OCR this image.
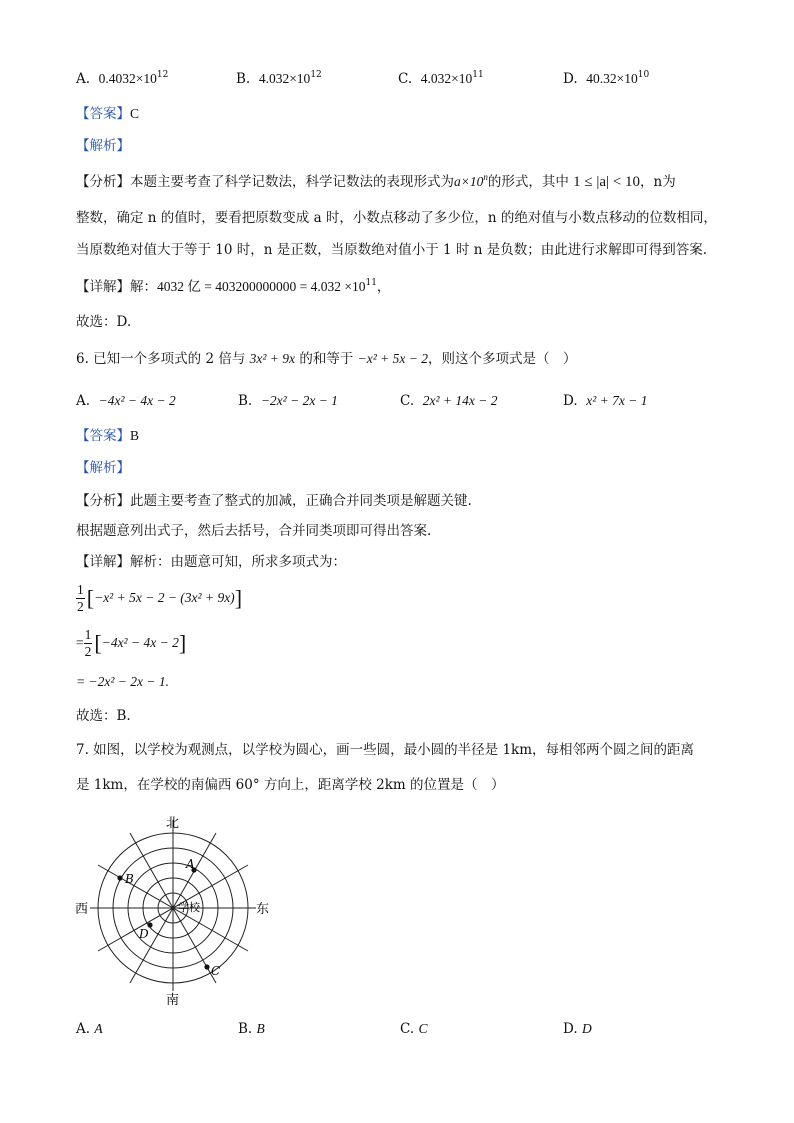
A. $0.4032\times 10^{12}$	B. $4.032\times 10^{12}$	C. $4.032\times 10^{11}$	D. $40.32\times 10^{10}$
【答案】C
【解析】
【分析】本题主要考查了科学记数法，科学记数法的表现形式为$a\times 10^n$的形式，其中 1 ≤ |a| < 10，n为
整数，确定 n 的值时，要看把原数变成 a 时，小数点移动了多少位，n 的绝对值与小数点移动的位数相同，
当原数绝对值大于等于 10 时，n 是正数，当原数绝对值小于 1 时 n 是负数；由此进行求解即可得到答案.
【详解】解：4032 亿 = $403200000000 = 4.032 \times 10^{11}$，
故选：D.
6. 已知一个多项式的 2 倍与 3x² + 9x 的和等于 −x² + 5x − 2，则这个多项式是（　）
A. −4x² − 4x − 2	B. −2x² − 2x − 1	C. 2x² + 14x − 2	D. x² + 7x − 1
【答案】B
【解析】
【分析】此题主要考查了整式的加减，正确合并同类项是解题关键.
根据题意列出式子，然后去括号，合并同类项即可得出答案.
【详解】解析：由题意可知，所求多项式为：
$\frac{1}{2} [-x^2 + 5x - 2 - (3x^2 + 9x)]$
= $\frac{1}{2} [-4x^2 - 4x - 2]$
= −2x² − 2x − 1.
故选：B.
7. 如图，以学校为观测点，以学校为圆心，画一些圆，最小圆的半径是 1km，每相邻两个圆之间的距离
是 1km，在学校的南偏西 60° 方向上，距离学校 2km 的位置是（　）
北
南
西	东
学校
A
B
C
D
A. A	B. B	C. C	D. D
